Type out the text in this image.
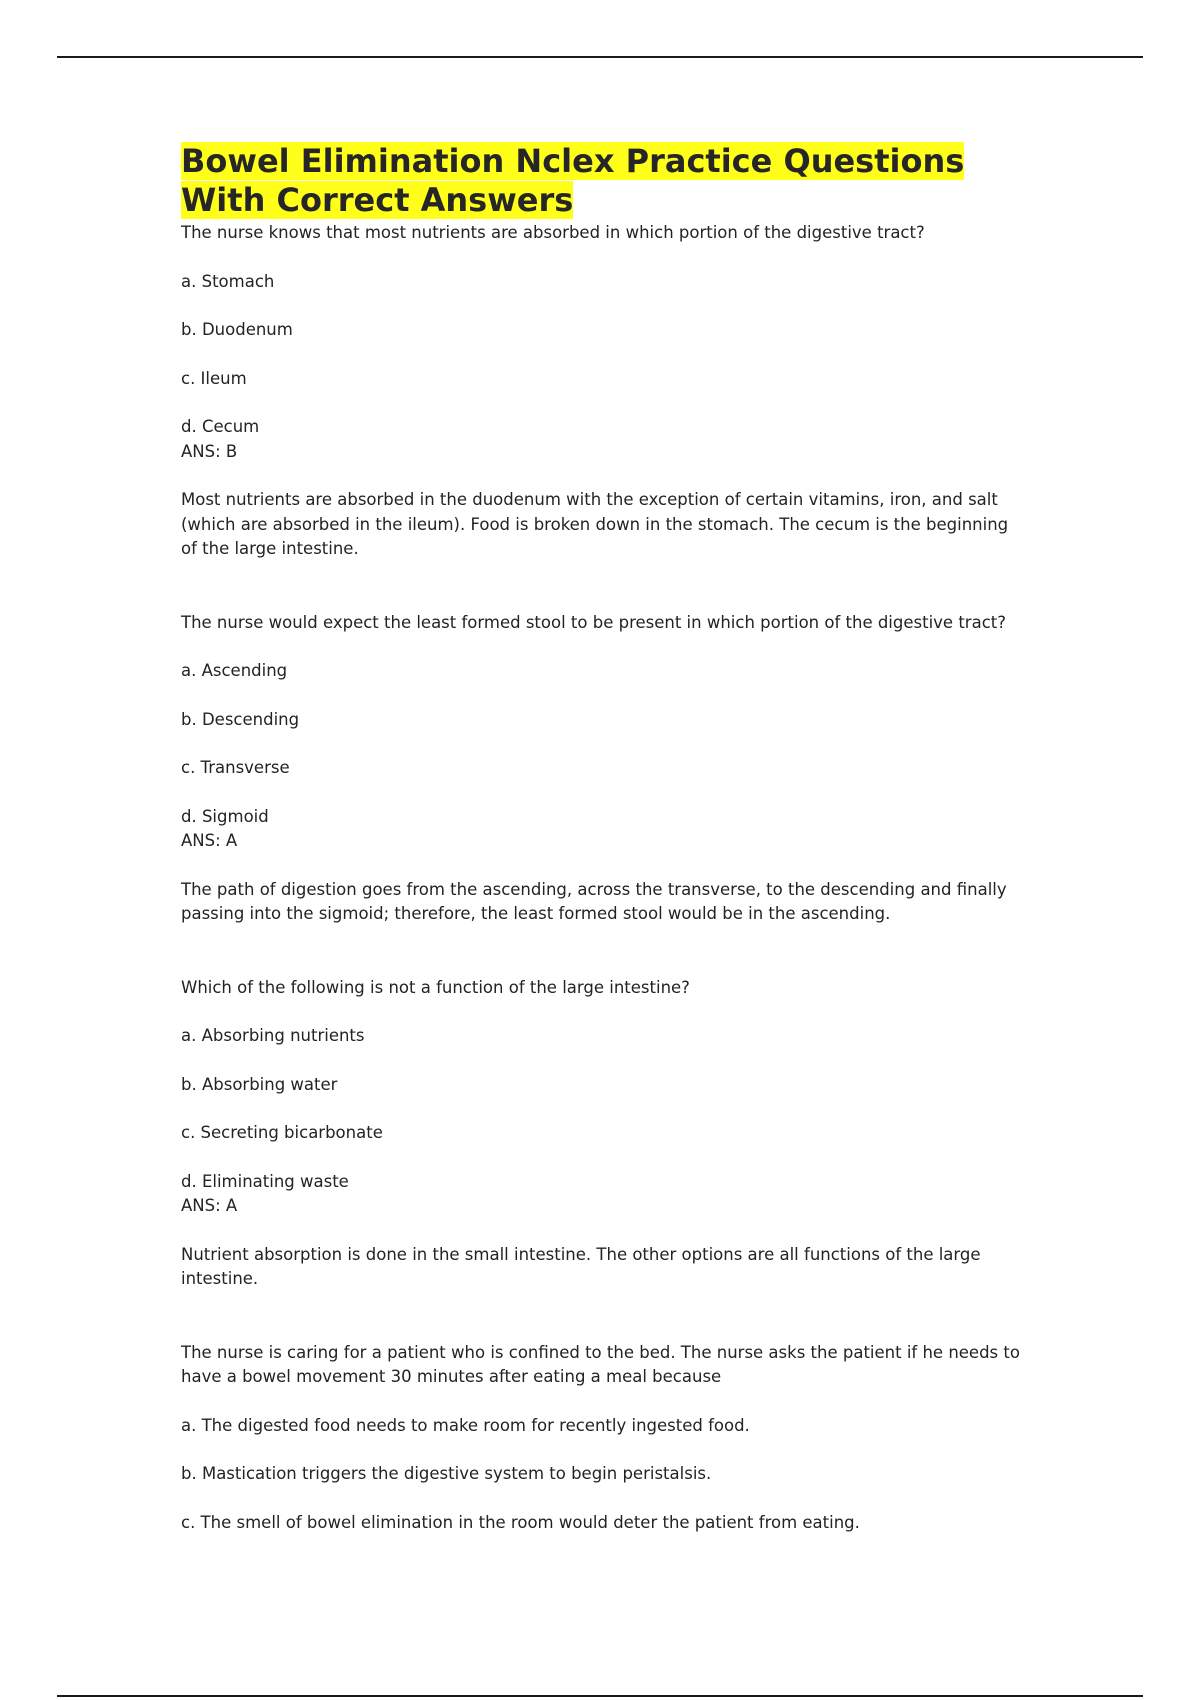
Bowel Elimination Nclex Practice Questions With Correct Answers

The nurse knows that most nutrients are absorbed in which portion of the digestive tract?

a. Stomach
b. Duodenum
c. Ileum
d. Cecum

ANS: B

Most nutrients are absorbed in the duodenum with the exception of certain vitamins, iron, and salt (which are absorbed in the ileum). Food is broken down in the stomach. The cecum is the beginning of the large intestine.

The nurse would expect the least formed stool to be present in which portion of the digestive tract?

a. Ascending
b. Descending
c. Transverse
d. Sigmoid

ANS: A

The path of digestion goes from the ascending, across the transverse, to the descending and finally passing into the sigmoid; therefore, the least formed stool would be in the ascending.

Which of the following is not a function of the large intestine?

a. Absorbing nutrients
b. Absorbing water
c. Secreting bicarbonate
d. Eliminating waste

ANS: A

Nutrient absorption is done in the small intestine. The other options are all functions of the large intestine.

The nurse is caring for a patient who is confined to the bed. The nurse asks the patient if he needs to have a bowel movement 30 minutes after eating a meal because

a. The digested food needs to make room for recently ingested food.
b. Mastication triggers the digestive system to begin peristalsis.
c. The smell of bowel elimination in the room would deter the patient from eating.
